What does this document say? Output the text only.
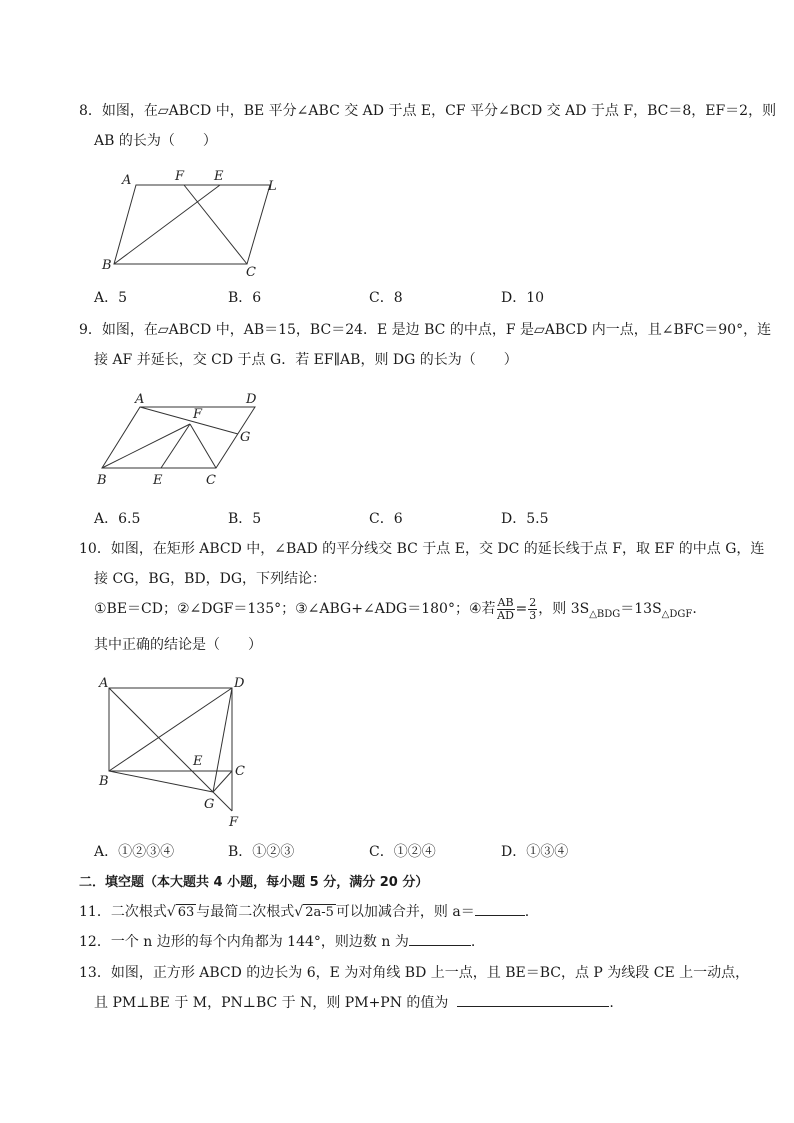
8．如图，在▱ABCD 中，BE 平分∠ABC 交 AD 于点 E，CF 平分∠BCD 交 AD 于点 F，BC＝8，EF＝2，则
AB 的长为（　　）
A	F E
L
B	C
A．5	B．6	C．8	D．10
9．如图，在▱ABCD 中，AB＝15，BC＝24．E 是边 BC 的中点，F 是▱ABCD 内一点，且∠BFC＝90°，连
接 AF 并延长，交 CD 于点 G．若 EF∥AB，则 DG 的长为（　　）
A	D
F
G
B	E	C
A．6.5	B．5	C．6	D．5.5
10．如图，在矩形 ABCD 中，∠BAD 的平分线交 BC 于点 E，交 DC 的延长线于点 F，取 EF 的中点 G，连
接 CG，BG，BD，DG，下列结论：
①BE＝CD；②∠DGF＝135°；③∠ABG+∠ADG＝180°；④若 $\frac{AB}{AD} = \frac{2}{3}$ ，则 $3S_{\triangle BDG}=13S_{\triangle DGF}$.
其中正确的结论是（　　）
A	D
E
C
B
G
F
A．①②③④	B．①②③	C．①②④	D．①③④
二．填空题（本大题共 4 小题，每小题 5 分，满分 20 分）
11．二次根式√ 63 与最简二次根式√ 2a-5 可以加减合并，则 a＝	.
12．一个 n 边形的每个内角都为 144°，则边数 n 为	.
13．如图，正方形 ABCD 的边长为 6，E 为对角线 BD 上一点，且 BE＝BC，点 P 为线段 CE 上一动点，
且 PM⊥BE 于 M，PN⊥BC 于 N，则 PM+PN 的值为	.
